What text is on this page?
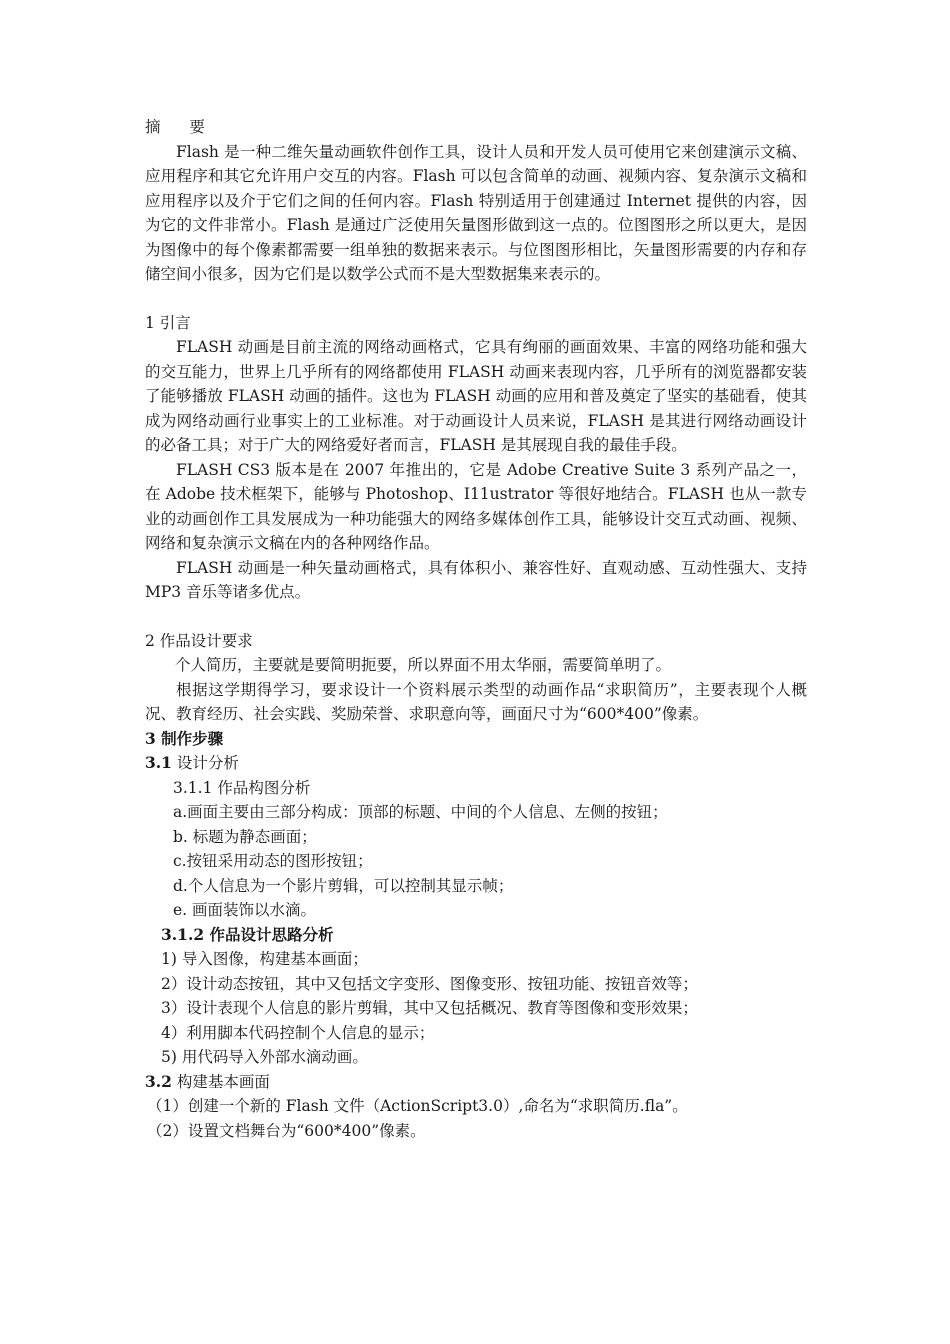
摘 要

Flash 是一种二维矢量动画软件创作工具，设计人员和开发人员可使用它来创建演示文稿、应用程序和其它允许用户交互的内容。Flash 可以包含简单的动画、视频内容、复杂演示文稿和应用程序以及介于它们之间的任何内容。Flash 特别适用于创建通过 Internet 提供的内容，因为它的文件非常小。Flash 是通过广泛使用矢量图形做到这一点的。位图图形之所以更大，是因为图像中的每个像素都需要一组单独的数据来表示。与位图图形相比，矢量图形需要的内存和存储空间小很多，因为它们是以数学公式而不是大型数据集来表示的。

1 引言

FLASH 动画是目前主流的网络动画格式，它具有绚丽的画面效果、丰富的网络功能和强大的交互能力，世界上几乎所有的网络都使用 FLASH 动画来表现内容，几乎所有的浏览器都安装了能够播放 FLASH 动画的插件。这也为 FLASH 动画的应用和普及奠定了坚实的基础看，使其成为网络动画行业事实上的工业标准。对于动画设计人员来说，FLASH 是其进行网络动画设计的必备工具；对于广大的网络爱好者而言，FLASH 是其展现自我的最佳手段。

FLASH CS3 版本是在 2007 年推出的，它是 Adobe Creative Suite 3 系列产品之一，在 Adobe 技术框架下，能够与 Photoshop、I11ustrator 等很好地结合。FLASH 也从一款专业的动画创作工具发展成为一种功能强大的网络多媒体创作工具，能够设计交互式动画、视频、网络和复杂演示文稿在内的各种网络作品。

FLASH 动画是一种矢量动画格式，具有体积小、兼容性好、直观动感、互动性强大、支持 MP3 音乐等诸多优点。

2 作品设计要求

个人简历，主要就是要简明扼要，所以界面不用太华丽，需要简单明了。

根据这学期得学习，要求设计一个资料展示类型的动画作品“求职简历”，主要表现个人概况、教育经历、社会实践、奖励荣誉、求职意向等，画面尺寸为“600*400”像素。

3 制作步骤

3.1 设计分析

3.1.1 作品构图分析

a.画面主要由三部分构成：顶部的标题、中间的个人信息、左侧的按钮；

b. 标题为静态画面；

c.按钮采用动态的图形按钮；

d.个人信息为一个影片剪辑，可以控制其显示帧；

e. 画面装饰以水滴。

3.1.2 作品设计思路分析

1) 导入图像，构建基本画面；

2）设计动态按钮，其中又包括文字变形、图像变形、按钮功能、按钮音效等；

3）设计表现个人信息的影片剪辑，其中又包括概况、教育等图像和变形效果；

4）利用脚本代码控制个人信息的显示；

5) 用代码导入外部水滴动画。

3.2 构建基本画面

（1）创建一个新的 Flash 文件（ActionScript3.0）,命名为“求职简历.fla”。

（2）设置文档舞台为“600*400”像素。
